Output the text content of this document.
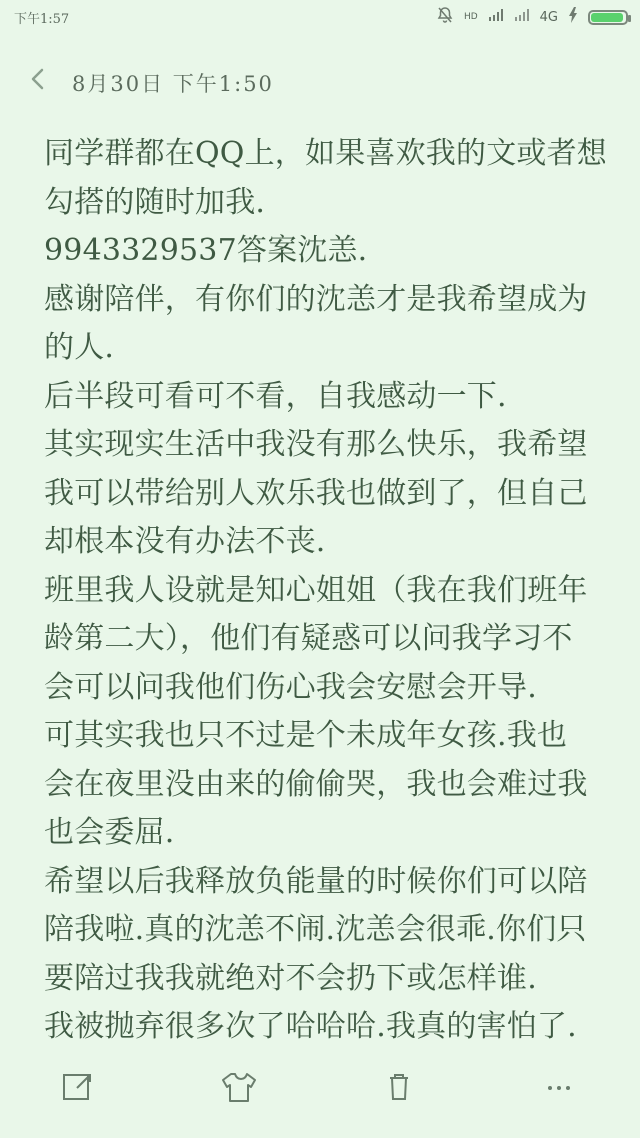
下午1:57	HD	4G
8月30日 下午1:50
同学群都在QQ上，如果喜欢我的文或者想
勾搭的随时加我.
9943329537答案沈恙.
感谢陪伴，有你们的沈恙才是我希望成为
的人.
后半段可看可不看，自我感动一下.
其实现实生活中我没有那么快乐，我希望
我可以带给别人欢乐我也做到了，但自己
却根本没有办法不丧.
班里我人设就是知心姐姐（我在我们班年
龄第二大），他们有疑惑可以问我学习不
会可以问我他们伤心我会安慰会开导.
可其实我也只不过是个未成年女孩.我也
会在夜里没由来的偷偷哭，我也会难过我
也会委屈.
希望以后我释放负能量的时候你们可以陪
陪我啦.真的沈恙不闹.沈恙会很乖.你们只
要陪过我我就绝对不会扔下或怎样谁.
我被抛弃很多次了哈哈哈.我真的害怕了.
